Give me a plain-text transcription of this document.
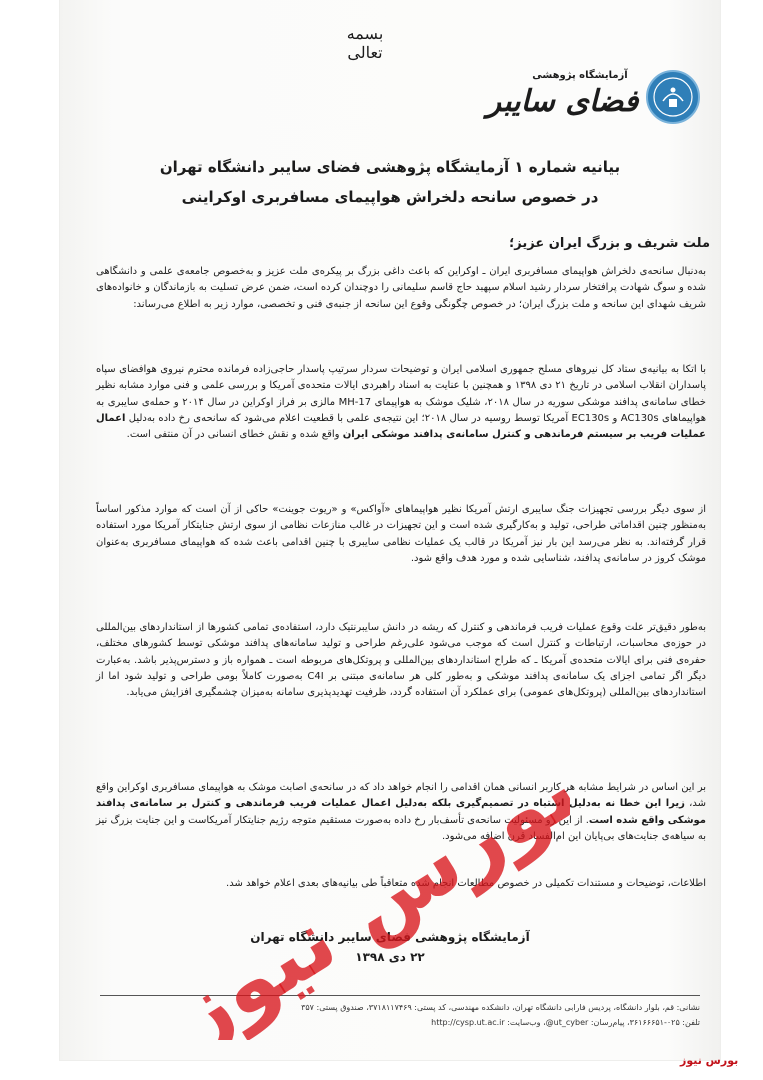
بسمه تعالی
آزمایشگاه پژوهشی
فضای سایبر
بیانیه شماره ۱ آزمایشگاه پژوهشی فضای سایبر دانشگاه تهران
در خصوص سانحه دلخراش هواپیمای مسافربری اوکراینی
ملت شریف و بزرگ ایران عزیز؛
به‌دنبال سانحه‌ی دلخراش هواپیمای مسافربری ایران ـ اوکراین که باعث داغی بزرگ بر پیکره‌ی ملت عزیز و به‌خصوص جامعه‌ی علمی و دانشگاهی شده و سوگ شهادت پرافتخار سردار رشید اسلام سپهبد حاج قاسم سلیمانی را دوچندان کرده است، ضمن عرض تسلیت به بازماندگان و خانواده‌های شریف شهدای این سانحه و ملت بزرگ ایران؛ در خصوص چگونگی وقوع این سانحه از جنبه‌ی فنی و تخصصی، موارد زیر به اطلاع می‌رساند:
با اتکا به بیانیه‌ی ستاد کل نیروهای مسلح جمهوری اسلامی ایران و توضیحات سردار سرتیپ پاسدار حاجی‌زاده فرمانده محترم نیروی هوافضای سپاه پاسداران انقلاب اسلامی در تاریخ ۲۱ دی ۱۳۹۸ و همچنین با عنایت به اسناد راهبردی ایالات متحده‌ی آمریکا و بررسی علمی و فنی موارد مشابه نظیر خطای سامانه‌ی پدافند موشکی سوریه در سال ۲۰۱۸، شلیک موشک به هواپیمای MH-17 مالزی بر فراز اوکراین در سال ۲۰۱۴ و حمله‌ی سایبری به هواپیماهای AC130s و EC130s آمریکا توسط روسیه در سال ۲۰۱۸؛ این نتیجه‌ی علمی با قطعیت اعلام می‌شود که سانحه‌ی رخ داده به‌دلیل اعمال عملیات فریب بر سیستم فرماندهی و کنترل سامانه‌ی پدافند موشکی ایران واقع شده و نقش خطای انسانی در آن منتفی است.
از سوی دیگر بررسی تجهیزات جنگ سایبری ارتش آمریکا نظیر هواپیماهای «آواکس» و «ریوت جوینت» حاکی از آن است که موارد مذکور اساساً به‌منظور چنین اقداماتی طراحی، تولید و به‌کارگیری شده است و این تجهیزات در غالب منازعات نظامی از سوی ارتش جنایتکار آمریکا مورد استفاده قرار گرفته‌اند. به نظر می‌رسد این بار نیز آمریکا در قالب یک عملیات نظامی سایبری با چنین اقدامی باعث شده که هواپیمای مسافربری به‌عنوان موشک کروز در سامانه‌ی پدافند، شناسایی شده و مورد هدف واقع شود.
به‌طور دقیق‌تر علت وقوع عملیات فریب فرماندهی و کنترل که ریشه در دانش سایبرنتیک دارد، استفاده‌ی تمامی کشورها از استانداردهای بین‌المللی در حوزه‌ی محاسبات، ارتباطات و کنترل است که موجب می‌شود علی‌رغم طراحی و تولید سامانه‌های پدافند موشکی توسط کشورهای مختلف، حفره‌ی فنی برای ایالات متحده‌ی آمریکا ـ که طراح استانداردهای بین‌المللی و پروتکل‌های مربوطه است ـ همواره باز و دسترس‌پذیر باشد. به‌عبارت دیگر اگر تمامی اجزای یک سامانه‌ی پدافند موشکی و به‌طور کلی هر سامانه‌ی مبتنی بر C4I به‌صورت کاملاً بومی طراحی و تولید شود اما از استانداردهای بین‌المللی (پروتکل‌های عمومی) برای عملکرد آن استفاده گردد، ظرفیت تهدیدپذیری سامانه به‌میزان چشمگیری افزایش می‌یابد.
بر این اساس در شرایط مشابه هر کاربر انسانی همان اقدامی را انجام خواهد داد که در سانحه‌ی اصابت موشک به هواپیمای مسافربری اوکراین واقع شد، زیرا این خطا نه به‌دلیل اشتباه در تصمیم‌گیری بلکه به‌دلیل اعمال عملیات فریب فرماندهی و کنترل بر سامانه‌ی پدافند موشکی واقع شده است. از این رو مسئولیت سانحه‌ی تأسف‌بار رخ داده به‌صورت مستقیم متوجه رژیم جنایتکار آمریکاست و این جنایت بزرگ نیز به سیاهه‌ی جنایت‌های بی‌پایان این ام‌الفساد قرن اضافه می‌شود.
اطلاعات، توضیحات و مستندات تکمیلی در خصوص مطالعات انجام شده متعاقباً طی بیانیه‌های بعدی اعلام خواهد شد.
آزمایشگاه پژوهشی فضای سایبر دانشگاه تهران
۲۲ دی ۱۳۹۸
نشانی: قم، بلوار دانشگاه، پردیس فارابی دانشگاه تهران، دانشکده مهندسی، کد پستی: ۳۷۱۸۱۱۷۴۶۹، صندوق پستی: ۳۵۷
تلفن: ۰۲۵-۳۶۱۶۶۶۵۱، پیام‌رسان: ut_cyber@، وب‌سایت: http://cysp.ut.ac.ir
بورس نیوز	بورس نیوز
